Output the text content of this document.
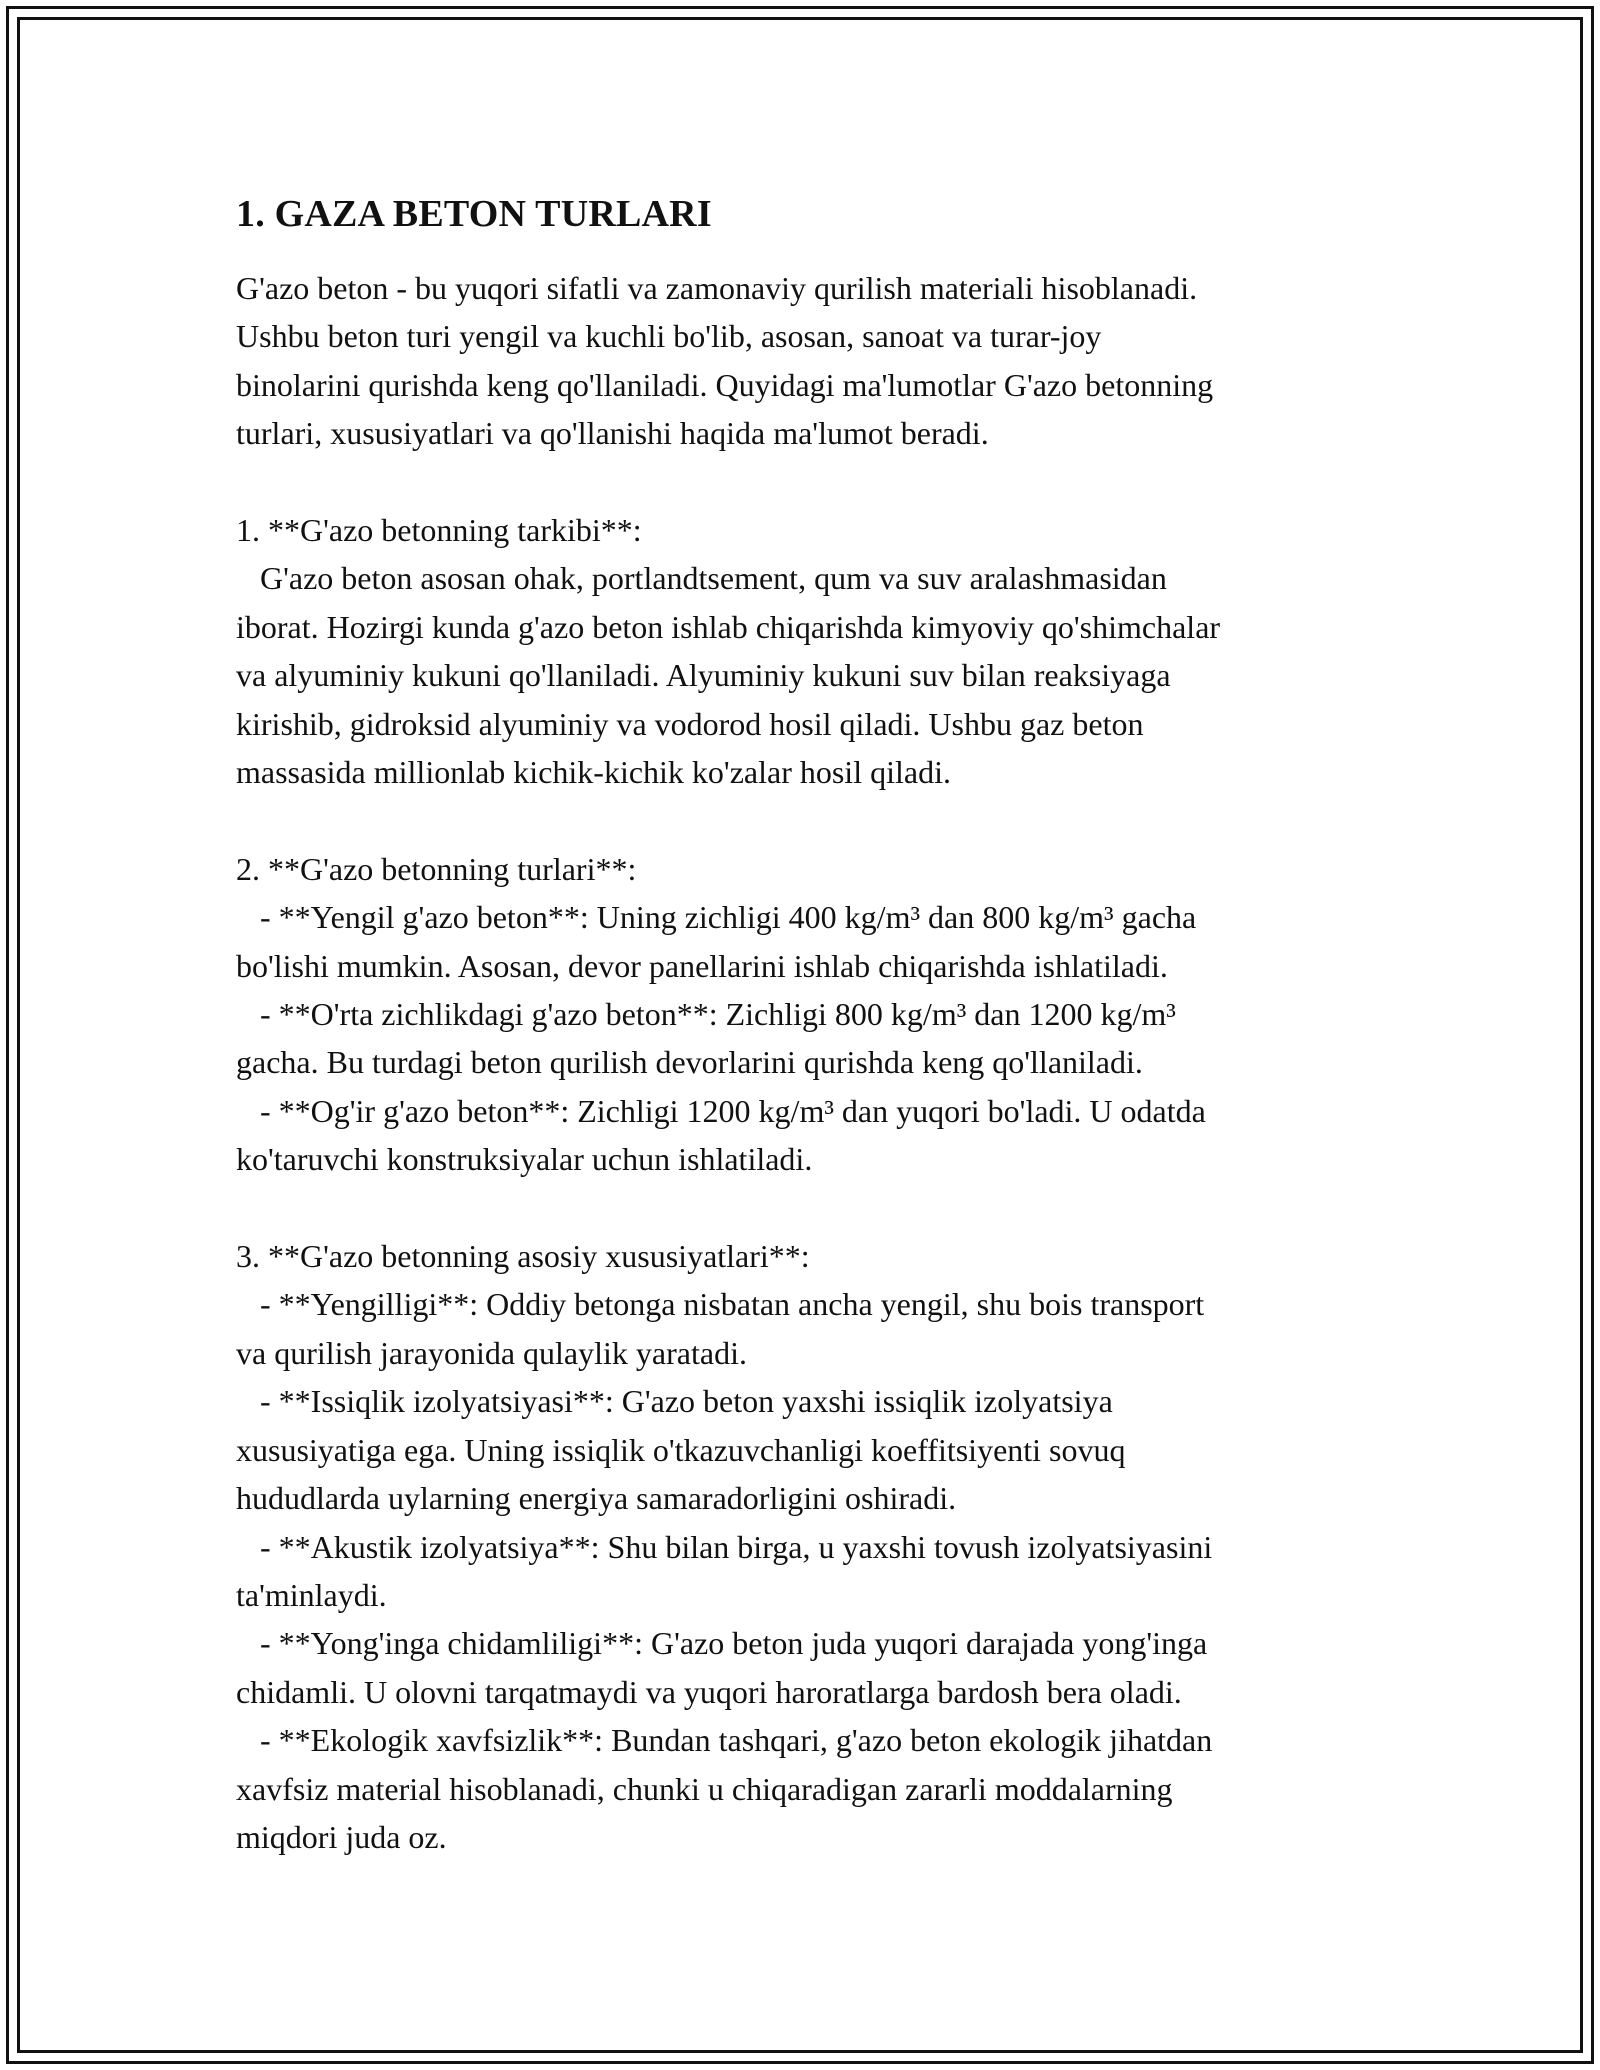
1. GAZA BETON TURLARI
G'azo beton - bu yuqori sifatli va zamonaviy qurilish materiali hisoblanadi.
Ushbu beton turi yengil va kuchli bo'lib, asosan, sanoat va turar-joy
binolarini qurishda keng qo'llaniladi. Quyidagi ma'lumotlar G'azo betonning
turlari, xususiyatlari va qo'llanishi haqida ma'lumot beradi.
1. **G'azo betonning tarkibi**:
G'azo beton asosan ohak, portlandtsement, qum va suv aralashmasidan
iborat. Hozirgi kunda g'azo beton ishlab chiqarishda kimyoviy qo'shimchalar
va alyuminiy kukuni qo'llaniladi. Alyuminiy kukuni suv bilan reaksiyaga
kirishib, gidroksid alyuminiy va vodorod hosil qiladi. Ushbu gaz beton
massasida millionlab kichik-kichik ko'zalar hosil qiladi.
2. **G'azo betonning turlari**:
- **Yengil g'azo beton**: Uning zichligi 400 kg/m³ dan 800 kg/m³ gacha
bo'lishi mumkin. Asosan, devor panellarini ishlab chiqarishda ishlatiladi.
- **O'rta zichlikdagi g'azo beton**: Zichligi 800 kg/m³ dan 1200 kg/m³
gacha. Bu turdagi beton qurilish devorlarini qurishda keng qo'llaniladi.
- **Og'ir g'azo beton**: Zichligi 1200 kg/m³ dan yuqori bo'ladi. U odatda
ko'taruvchi konstruksiyalar uchun ishlatiladi.
3. **G'azo betonning asosiy xususiyatlari**:
- **Yengilligi**: Oddiy betonga nisbatan ancha yengil, shu bois transport
va qurilish jarayonida qulaylik yaratadi.
- **Issiqlik izolyatsiyasi**: G'azo beton yaxshi issiqlik izolyatsiya
xususiyatiga ega. Uning issiqlik o'tkazuvchanligi koeffitsiyenti sovuq
hududlarda uylarning energiya samaradorligini oshiradi.
- **Akustik izolyatsiya**: Shu bilan birga, u yaxshi tovush izolyatsiyasini
ta'minlaydi.
- **Yong'inga chidamliligi**: G'azo beton juda yuqori darajada yong'inga
chidamli. U olovni tarqatmaydi va yuqori haroratlarga bardosh bera oladi.
- **Ekologik xavfsizlik**: Bundan tashqari, g'azo beton ekologik jihatdan
xavfsiz material hisoblanadi, chunki u chiqaradigan zararli moddalarning
miqdori juda oz.
